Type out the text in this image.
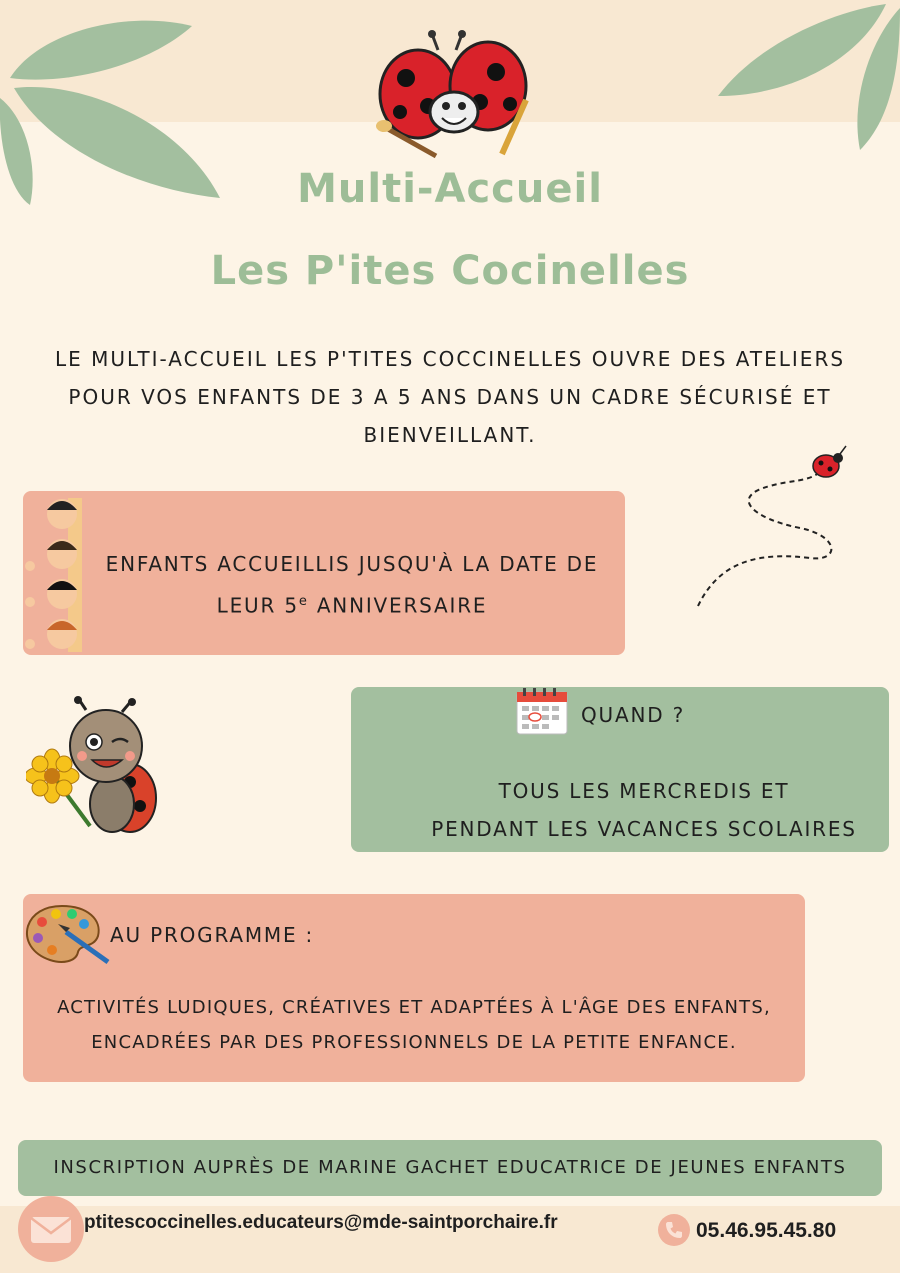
Multi-Accueil
Les P'ites Cocinelles
LE MULTI-ACCUEIL LES P'TITES COCCINELLES OUVRE DES ATELIERS
POUR VOS ENFANTS DE 3 A 5 ANS DANS UN CADRE SÉCURISÉ ET
BIENVEILLANT.
ENFANTS ACCUEILLIS JUSQU'À LA DATE DE
LEUR 5e ANNIVERSAIRE
QUAND ?
TOUS LES MERCREDIS ET
PENDANT LES VACANCES SCOLAIRES
AU PROGRAMME :
ACTIVITÉS LUDIQUES, CRÉATIVES ET ADAPTÉES À L'ÂGE DES ENFANTS,
ENCADRÉES PAR DES PROFESSIONNELS DE LA PETITE ENFANCE.
INSCRIPTION AUPRÈS DE MARINE GACHET EDUCATRICE DE JEUNES ENFANTS
ptitescoccinelles.educateurs@mde-saintporchaire.fr	05.46.95.45.80
